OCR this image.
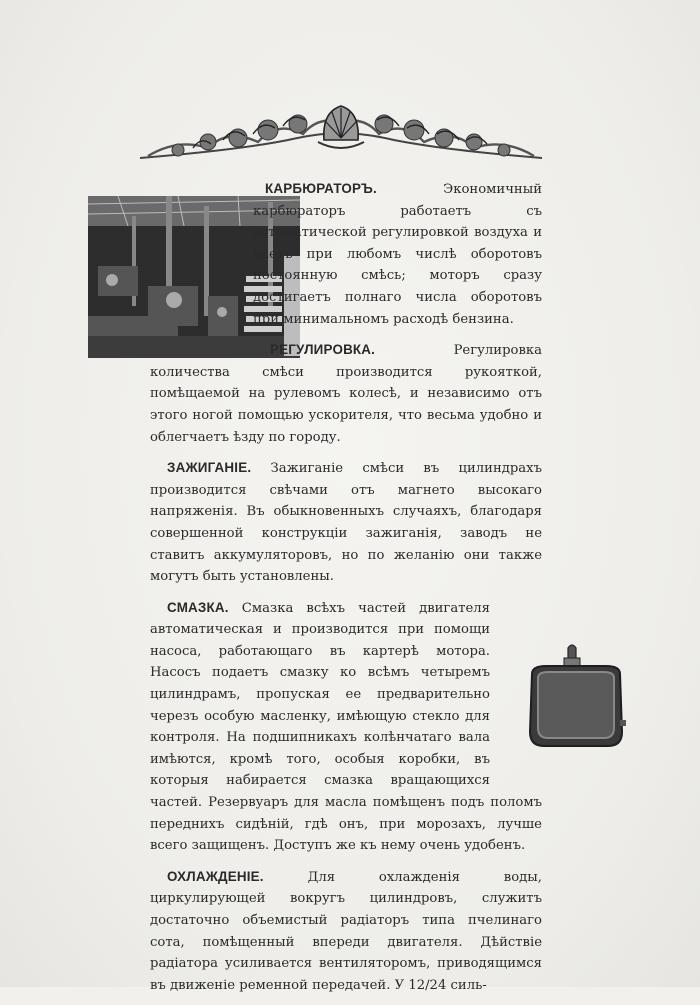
КАРБЮРАТОРЪ.	Экономичный карбюраторъ работаетъ съ автоматической регулировкой воздуха и даетъ при любомъ числѣ оборотовъ постоянную смѣсь; моторъ сразу достигаетъ полнаго числа оборотовъ при минимальномъ расходѣ бензина.

РЕГУЛИРОВКА.	Регулировка количества смѣси производится рукояткой, помѣщаемой на рулевомъ колесѣ, и независимо отъ этого ногой помощью ускорителя, что весьма удобно и облегчаетъ ѣзду по городу.

ЗАЖИГАНІЕ. Зажиганіе смѣси въ цилиндрахъ производится свѣчами отъ магнето высокаго напряженія. Въ обыкновенныхъ случаяхъ, благодаря совершенной конструкціи зажиганія, заводъ не ставитъ аккумуляторовъ, но по желанію они также могутъ быть установлены.

СМАЗКА. Смазка всѣхъ частей двигателя автоматическая и производится при помощи насоса, работающаго въ картерѣ мотора. Насосъ подаетъ смазку ко всѣмъ четыремъ цилиндрамъ, пропуская ее предварительно черезъ особую масленку, имѣющую стекло для контроля. На подшипникахъ колѣнчатаго вала имѣются, кромѣ того, особыя коробки, въ которыя набирается смазка вращающихся частей. Резервуаръ для масла помѣщенъ подъ поломъ переднихъ сидѣній, гдѣ онъ, при морозахъ, лучше всего защищенъ. Доступъ же къ нему очень удобенъ.

ОХЛАЖДЕНІЕ.	Для охлажденія воды, циркулирующей вокругъ цилиндровъ, служитъ достаточно объемистый радіаторъ типа пчелинаго сота, помѣщенный впереди двигателя. Дѣйствіе радіатора усиливается вентиляторомъ, приводящимся въ движеніе ременной передачей. У 12/24 силь-
